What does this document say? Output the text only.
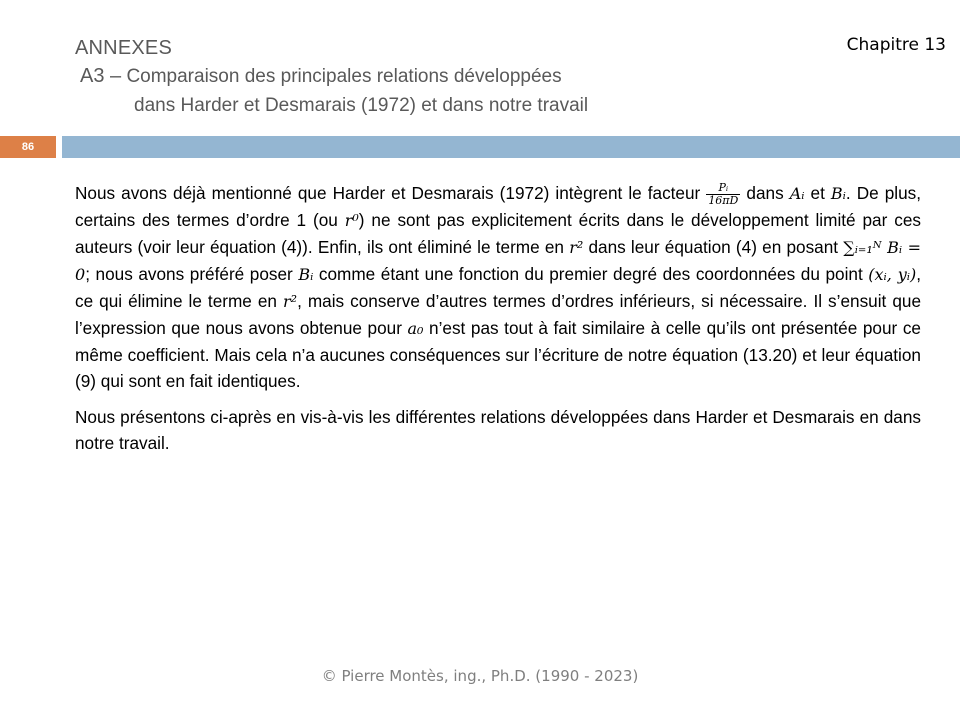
Chapitre 13
ANNEXES
A3 – Comparaison des principales relations développées
dans Harder et Desmarais (1972) et dans notre travail
86

Nous avons déjà mentionné que Harder et Desmarais (1972) intègrent le facteur $\frac{\text{Pᵢ}}{16\pi D}$ dans Aᵢ et Bᵢ. De plus, certains des termes d’ordre 1 (ou r⁰) ne sont pas explicitement écrits dans le développement limité par ces auteurs (voir leur équation (4)). Enfin, ils ont éliminé le terme en r² dans leur équation (4) en posant ∑ᵢ₌₁ᴺ Bᵢ = 0; nous avons préféré poser Bᵢ comme étant une fonction du premier degré des coordonnées du point (xᵢ, yᵢ), ce qui élimine le terme en r², mais conserve d’autres termes d’ordres inférieurs, si nécessaire. Il s’ensuit que l’expression que nous avons obtenue pour a₀ n’est pas tout à fait similaire à celle qu’ils ont présentée pour ce même coefficient. Mais cela n’a aucunes conséquences sur l’écriture de notre équation (13.20) et leur équation (9) qui sont en fait identiques.

Nous présentons ci-après en vis-à-vis les différentes relations développées dans Harder et Desmarais en dans notre travail.

© Pierre Montès, ing., Ph.D. (1990 - 2023)
